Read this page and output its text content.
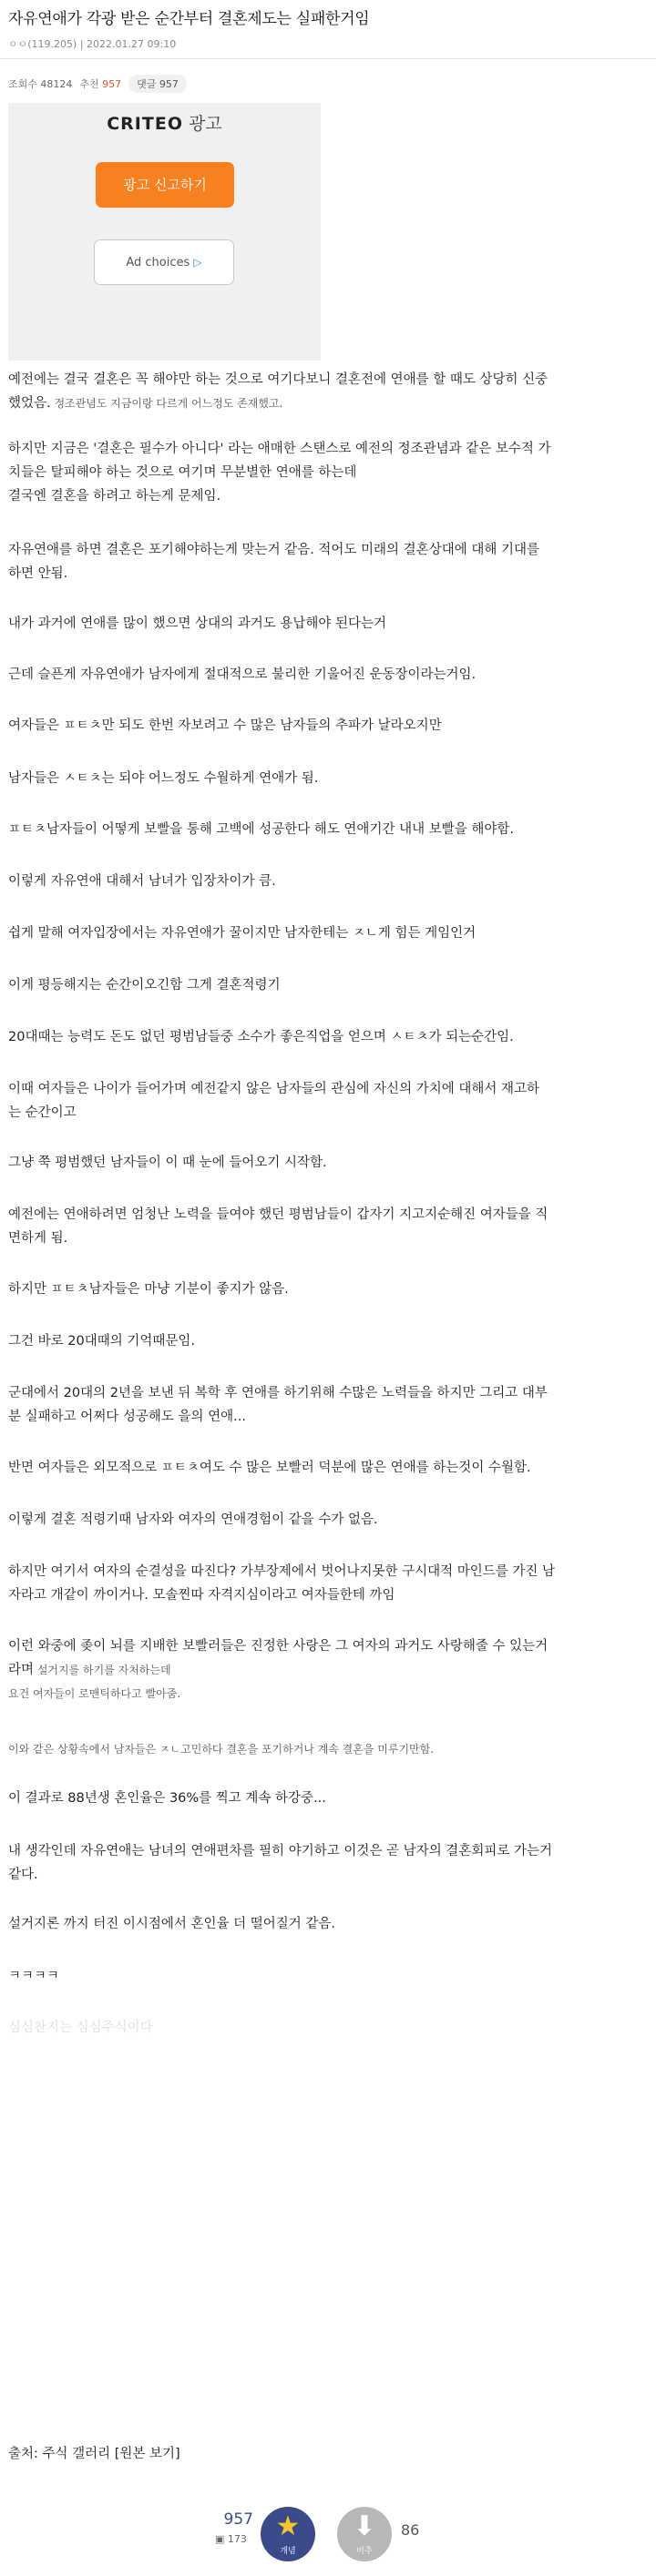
자유연애가 각광 받은 순간부터 결혼제도는 실패한거임
ㅇㅇ(119.205) | 2022.01.27 09:10
조회수 48124 추천 957	댓글 957
CRITEO 광고
광고 신고하기
Ad choices ▷
예전에는 결국 결혼은 꼭 해야만 하는 것으로 여기다보니 결혼전에 연애를 할 때도 상당히 신중
했었음. 정조관념도 지금이랑 다르게 어느정도 존재했고.
하지만 지금은 '결혼은 필수가 아니다' 라는 애매한 스탠스로 예전의 정조관념과 같은 보수적 가
치들은 탈피해야 하는 것으로 여기며 무분별한 연애를 하는데
결국엔 결혼을 하려고 하는게 문제임.
자유연애를 하면 결혼은 포기해야하는게 맞는거 같음. 적어도 미래의 결혼상대에 대해 기대를
하면 안됨.
내가 과거에 연애를 많이 했으면 상대의 과거도 용납해야 된다는거
근데 슬픈게 자유연애가 남자에게 절대적으로 불리한 기울어진 운동장이라는거임.
여자들은 ㅍㅌㅊ만 되도 한번 자보려고 수 많은 남자들의 추파가 날라오지만
남자들은 ㅅㅌㅊ는 되야 어느정도 수월하게 연애가 됨.
ㅍㅌㅊ남자들이 어떻게 보빨을 통해 고백에 성공한다 해도 연애기간 내내 보빨을 해야함.
이렇게 자유연애 대해서 남녀가 입장차이가 큼.
쉽게 말해 여자입장에서는 자유연애가 꿀이지만 남자한테는 ㅈㄴ게 힘든 게임인거
이게 평등해지는 순간이오긴함 그게 결혼적령기
20대때는 능력도 돈도 없던 평범남들중 소수가 좋은직업을 얻으며 ㅅㅌㅊ가 되는순간임.
이때 여자들은 나이가 들어가며 예전같지 않은 남자들의 관심에 자신의 가치에 대해서 재고하
는 순간이고
그냥 쭉 평범했던 남자들이 이 때 눈에 들어오기 시작함.
예전에는 연애하려면 엄청난 노력을 들여야 했던 평범남들이 갑자기 지고지순해진 여자들을 직
면하게 됨.
하지만 ㅍㅌㅊ남자들은 마냥 기분이 좋지가 않음.
그건 바로 20대때의 기억때문임.
군대에서 20대의 2년을 보낸 뒤 복학 후 연애를 하기위해 수많은 노력들을 하지만 그리고 대부
분 실패하고 어쩌다 성공해도 을의 연애...
반면 여자들은 외모적으로 ㅍㅌㅊ여도 수 많은 보빨러 덕분에 많은 연애를 하는것이 수월함.
이렇게 결혼 적령기때 남자와 여자의 연애경험이 같을 수가 없음.
하지만 여기서 여자의 순결성을 따진다? 가부장제에서 벗어나지못한 구시대적 마인드를 가진 남
자라고 개같이 까이거나. 모솔찐따 자격지심이라고 여자들한테 까임
이런 와중에 좆이 뇌를 지배한 보빨러들은 진정한 사랑은 그 여자의 과거도 사랑해줄 수 있는거
라며 설거지를 하기를 자처하는데
요건 여자들이 로맨틱하다고 빨아줌.
이와 같은 상황속에서 남자들은 ㅈㄴ고민하다 결혼을 포기하거나 계속 결혼을 미루기만함.
이 결과로 88년생 혼인율은 36%를 찍고 계속 하강중...
내 생각인데 자유연애는 남녀의 연애편차를 필히 야기하고 이것은 곧 남자의 결혼회피로 가는거
같다.
설거지론 까지 터진 이시점에서 혼인율 더 떨어질거 같음.
ㅋㅋㅋㅋ
심심찬지는 심심주식이다
출처: 주식 갤러리 [원본 보기]
957
▣ 173	★
개념
⬇
비추
86
